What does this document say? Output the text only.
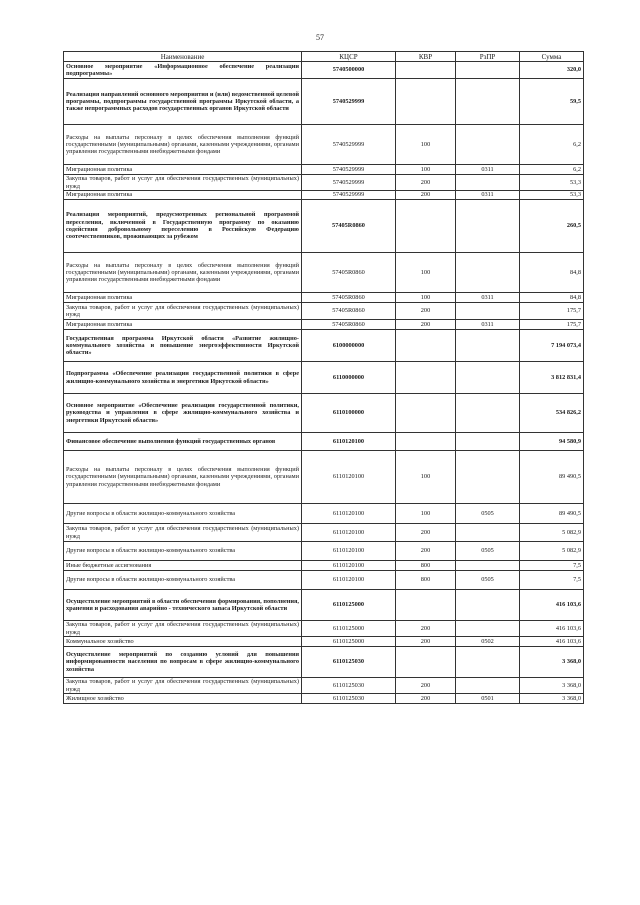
57
Наименование	КЦСР	КВР	РзПР	Сумма
Основное мероприятие «Информационное обеспечение реализации подпрограммы»	5740500000			320,0
Реализация направлений основного мероприятия и (или) ведомственной целевой программы, подпрограммы государственной программы Иркутской области, а также непрограммных расходов государственных органов Иркутской области	5740529999			59,5
Расходы на выплаты персоналу в целях обеспечения выполнения функций государственными (муниципальными) органами, казенными учреждениями, органами управления государственными внебюджетными фондами	5740529999	100		6,2
Миграционная политика	5740529999	100	0311	6,2
Закупка товаров, работ и услуг для обеспечения государственных (муниципальных) нужд	5740529999	200		53,3
Миграционная политика	5740529999	200	0311	53,3
Реализация мероприятий, предусмотренных региональной программой переселения, включенной в Государственную программу по оказанию содействия добровольному переселению в Российскую Федерацию соотечественников, проживающих за рубежом	57405R0860			260,5
Расходы на выплаты персоналу в целях обеспечения выполнения функций государственными (муниципальными) органами, казенными учреждениями, органами управления государственными внебюджетными фондами	57405R0860	100		84,8
Миграционная политика	57405R0860	100	0311	84,8
Закупка товаров, работ и услуг для обеспечения государственных (муниципальных) нужд	57405R0860	200		175,7
Миграционная политика	57405R0860	200	0311	175,7
Государственная программа Иркутской области «Развитие жилищно-коммунального хозяйства и повышение энергоэффективности Иркутской области»	6100000000			7 194 073,4
Подпрограмма «Обеспечение реализации государственной политики в сфере жилищно-коммунального хозяйства и энергетики Иркутской области»	6110000000			3 812 831,4
Основное мероприятие «Обеспечение реализации государственной политики, руководства и управления в сфере жилищно-коммунального хозяйства и энергетики Иркутской области»	6110100000			534 826,2
Финансовое обеспечение выполнения функций государственных органов	6110120100			94 580,9
Расходы на выплаты персоналу в целях обеспечения выполнения функций государственными (муниципальными) органами, казенными учреждениями, органами управления государственными внебюджетными фондами	6110120100	100		89 490,5
Другие вопросы в области жилищно-коммунального хозяйства	6110120100	100	0505	89 490,5
Закупка товаров, работ и услуг для обеспечения государственных (муниципальных) нужд	6110120100	200		5 082,9
Другие вопросы в области жилищно-коммунального хозяйства	6110120100	200	0505	5 082,9
Иные бюджетные ассигнования	6110120100	800		7,5
Другие вопросы в области жилищно-коммунального хозяйства	6110120100	800	0505	7,5
Осуществление мероприятий в области обеспечения формирования, пополнения, хранения и расходования аварийно - технического запаса Иркутской области	6110125000			416 103,6
Закупка товаров, работ и услуг для обеспечения государственных (муниципальных) нужд	6110125000	200		416 103,6
Коммунальное хозяйство	6110125000	200	0502	416 103,6
Осуществление мероприятий по созданию условий для повышения информированности населения по вопросам в сфере жилищно-коммунального хозяйства	6110125030			3 368,0
Закупка товаров, работ и услуг для обеспечения государственных (муниципальных) нужд	6110125030	200		3 368,0
Жилищное хозяйство	6110125030	200	0501	3 368,0
